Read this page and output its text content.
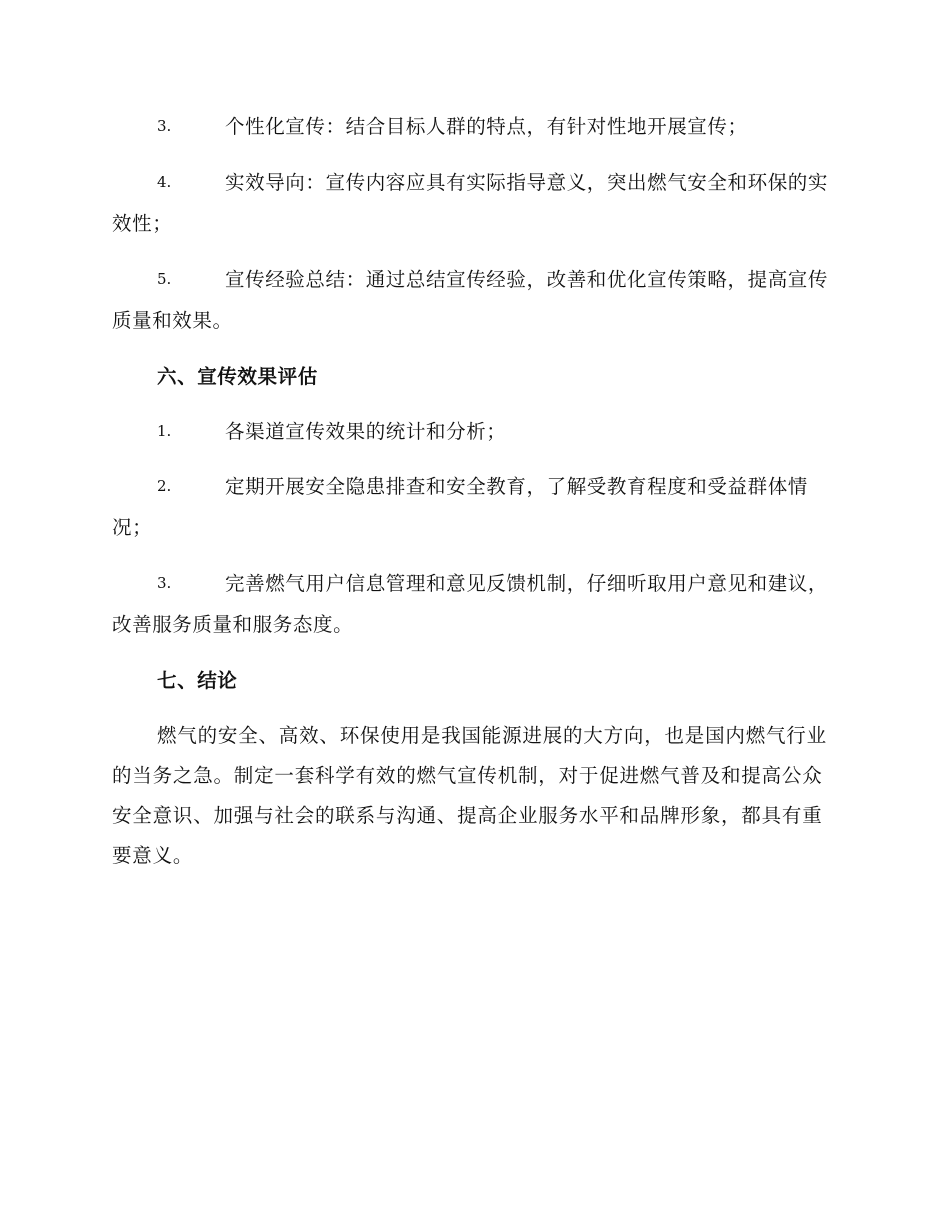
3.	个性化宣传：结合目标人群的特点，有针对性地开展宣传；

4.	实效导向：宣传内容应具有实际指导意义，突出燃气安全和环保的实效性；

5.	宣传经验总结：通过总结宣传经验，改善和优化宣传策略，提高宣传质量和效果。

六、宣传效果评估

1.	各渠道宣传效果的统计和分析；

2.	定期开展安全隐患排查和安全教育，了解受教育程度和受益群体情况；

3.	完善燃气用户信息管理和意见反馈机制，仔细听取用户意见和建议，改善服务质量和服务态度。

七、结论

燃气的安全、高效、环保使用是我国能源进展的大方向，也是国内燃气行业的当务之急。制定一套科学有效的燃气宣传机制，对于促进燃气普及和提高公众安全意识、加强与社会的联系与沟通、提高企业服务水平和品牌形象，都具有重要意义。
